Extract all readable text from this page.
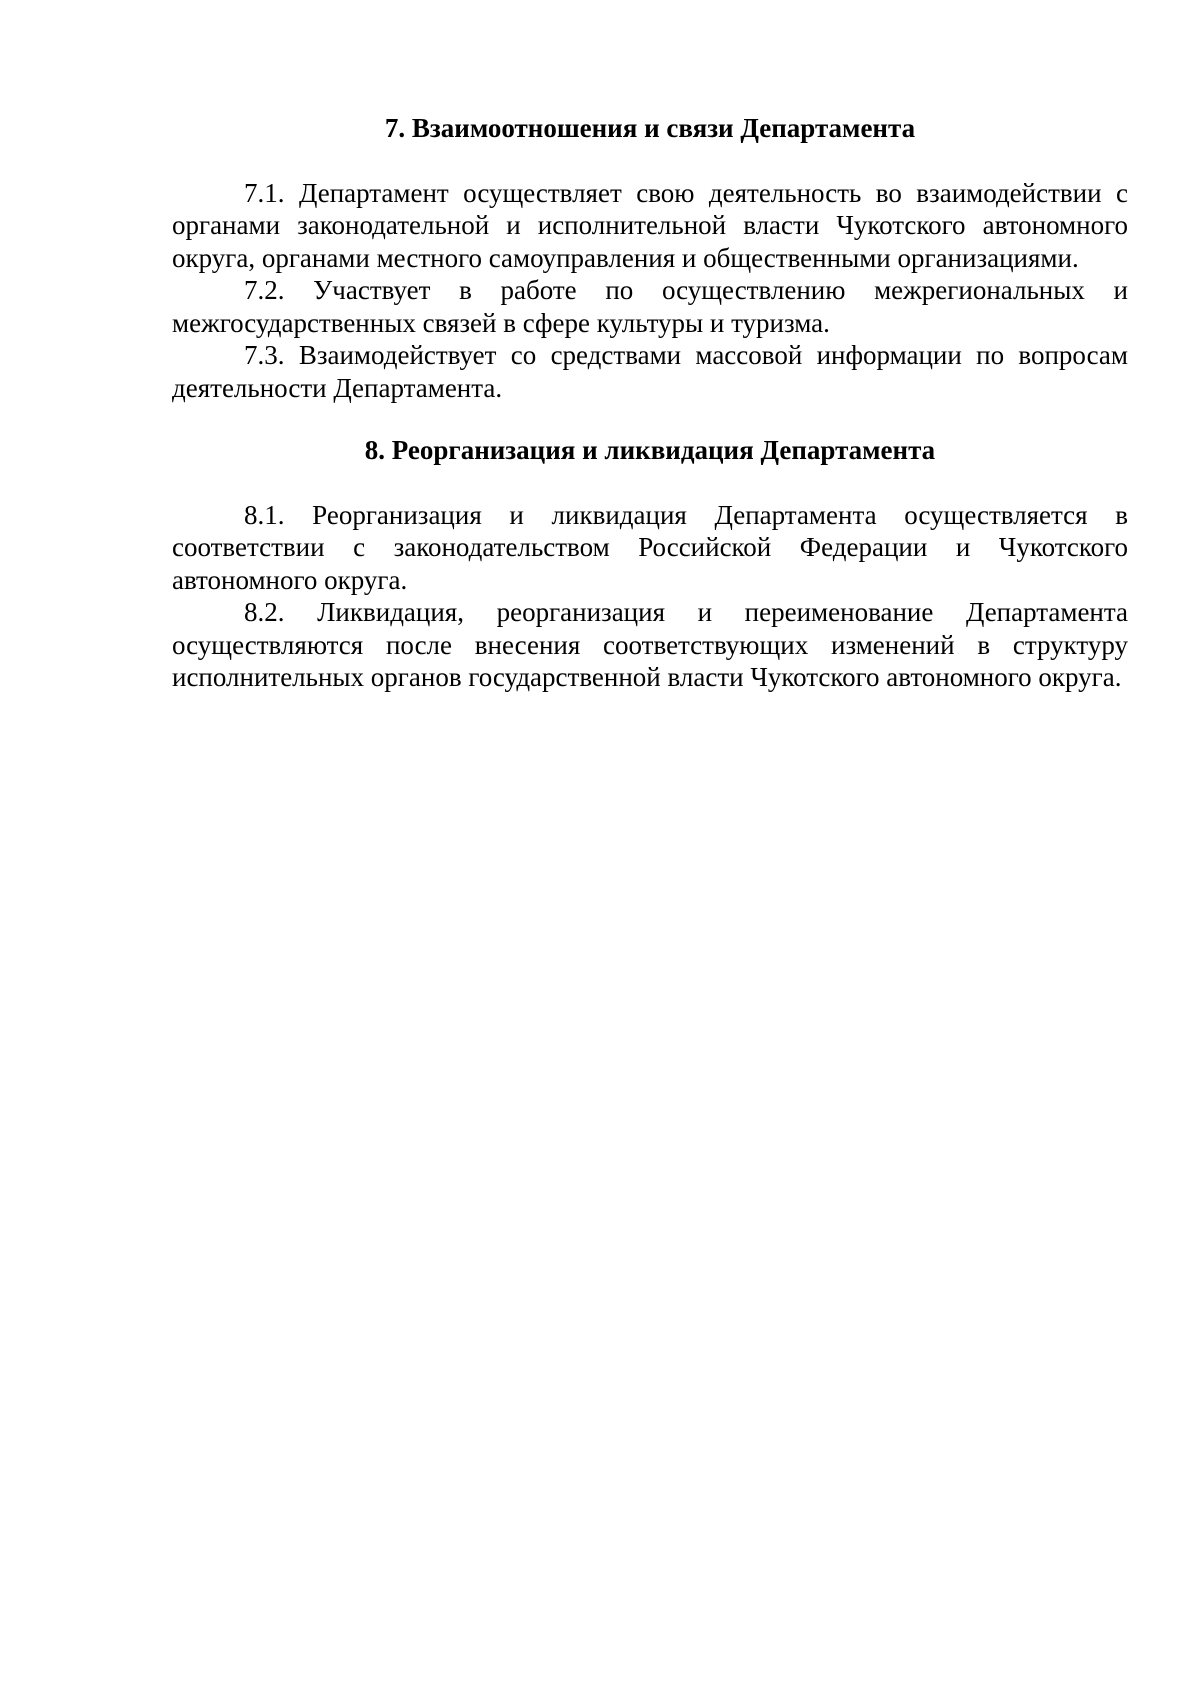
7. Взаимоотношения и связи Департамента

7.1. Департамент осуществляет свою деятельность во взаимодействии с органами законодательной и исполнительной власти Чукотского автономного округа, органами местного самоуправления и общественными организациями.

7.2. Участвует в работе по осуществлению межрегиональных и межгосударственных связей в сфере культуры и туризма.

7.3. Взаимодействует со средствами массовой информации по вопросам деятельности Департамента.

8. Реорганизация и ликвидация Департамента

8.1. Реорганизация и ликвидация Департамента осуществляется в соответствии с законодательством Российской Федерации и Чукотского автономного округа.

8.2. Ликвидация, реорганизация и переименование Департамента осуществляются после внесения соответствующих изменений в структуру исполнительных органов государственной власти Чукотского автономного округа.
